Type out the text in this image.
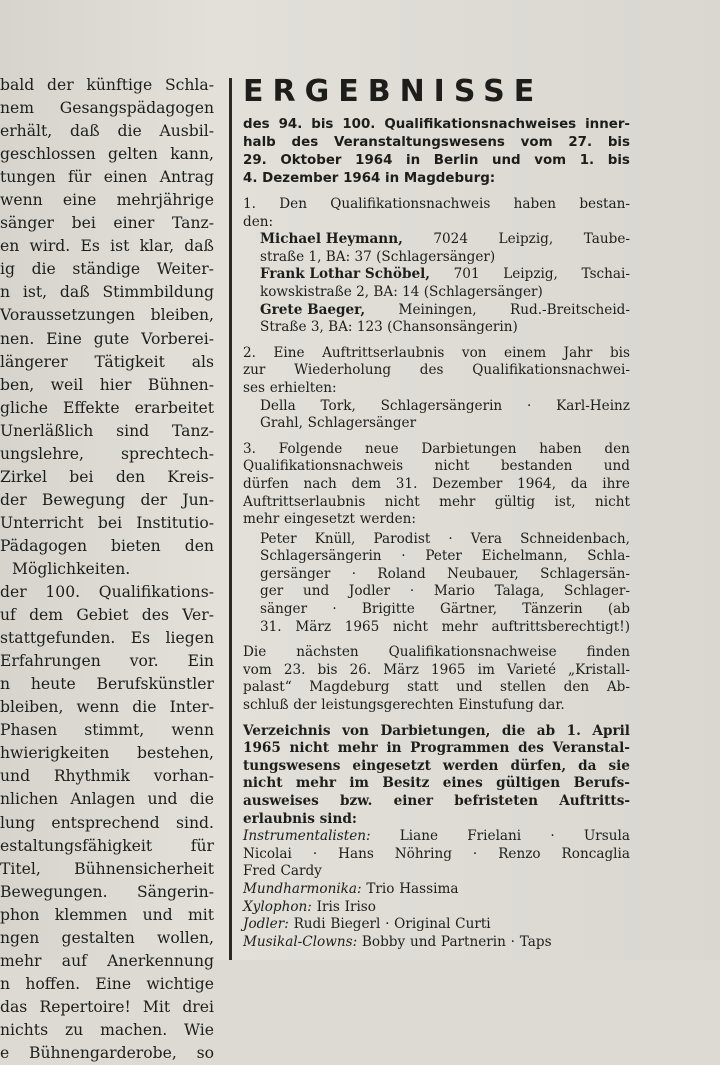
bald der künftige Schla-
nem Gesangspädagogen
erhält, daß die Ausbil-
geschlossen gelten kann,
tungen für einen Antrag
wenn eine mehrjährige
sänger bei einer Tanz-
en wird. Es ist klar, daß
ig die ständige Weiter-
n ist, daß Stimmbildung
Voraussetzungen bleiben,
nen. Eine gute Vorberei-
längerer Tätigkeit als
ben, weil hier Bühnen-
gliche Effekte erarbeitet
Unerläßlich sind Tanz-
ungslehre, sprechtech-
Zirkel bei den Kreis-
der Bewegung der Jun-
Unterricht bei Institutio-
Pädagogen bieten den
Möglichkeiten.
der 100. Qualifikations-
uf dem Gebiet des Ver-
stattgefunden. Es liegen
Erfahrungen vor. Ein
n heute Berufskünstler
bleiben, wenn die Inter-
Phasen stimmt, wenn
hwierigkeiten bestehen,
und Rhythmik vorhan-
nlichen Anlagen und die
lung entsprechend sind.
estaltungsfähigkeit für
Titel, Bühnensicherheit
Bewegungen. Sängerin-
phon klemmen und mit
ngen gestalten wollen,
mehr auf Anerkennung
n hoffen. Eine wichtige
das Repertoire! Mit drei
nichts zu machen. Wie
e Bühnengarderobe, so
ERGEBNISSE
des 94. bis 100. Qualifikationsnachweises inner-
halb des Veranstaltungswesens vom 27. bis
29. Oktober 1964 in Berlin und vom 1. bis
4. Dezember 1964 in Magdeburg:
1. Den Qualifikationsnachweis haben bestan-
den:
Michael Heymann, 7024 Leipzig, Taube-
straße 1, BA: 37 (Schlagersänger)
Frank Lothar Schöbel, 701 Leipzig, Tschai-
kowskistraße 2, BA: 14 (Schlagersänger)
Grete Baeger, Meiningen, Rud.-Breitscheid-
Straße 3, BA: 123 (Chansonsängerin)
2. Eine Auftrittserlaubnis von einem Jahr bis
zur Wiederholung des Qualifikationsnachwei-
ses erhielten:
Della Tork, Schlagersängerin · Karl-Heinz
Grahl, Schlagersänger
3. Folgende neue Darbietungen haben den
Qualifikationsnachweis nicht bestanden und
dürfen nach dem 31. Dezember 1964, da ihre
Auftrittserlaubnis nicht mehr gültig ist, nicht
mehr eingesetzt werden:
Peter Knüll, Parodist · Vera Schneidenbach,
Schlagersängerin · Peter Eichelmann, Schla-
gersänger · Roland Neubauer, Schlagersän-
ger und Jodler · Mario Talaga, Schlager-
sänger · Brigitte Gärtner, Tänzerin (ab
31. März 1965 nicht mehr auftrittsberechtigt!)
Die nächsten Qualifikationsnachweise finden
vom 23. bis 26. März 1965 im Varieté „Kristall-
palast“ Magdeburg statt und stellen den Ab-
schluß der leistungsgerechten Einstufung dar.
Verzeichnis von Darbietungen, die ab 1. April
1965 nicht mehr in Programmen des Veranstal-
tungswesens eingesetzt werden dürfen, da sie
nicht mehr im Besitz eines gültigen Berufs-
ausweises bzw. einer befristeten Auftritts-
erlaubnis sind:
Instrumentalisten: Liane Frielani · Ursula
Nicolai · Hans Nöhring · Renzo Roncaglia
Fred Cardy
Mundharmonika: Trio Hassima
Xylophon: Iris Iriso
Jodler: Rudi Biegerl · Original Curti
Musikal-Clowns: Bobby und Partnerin · Taps
